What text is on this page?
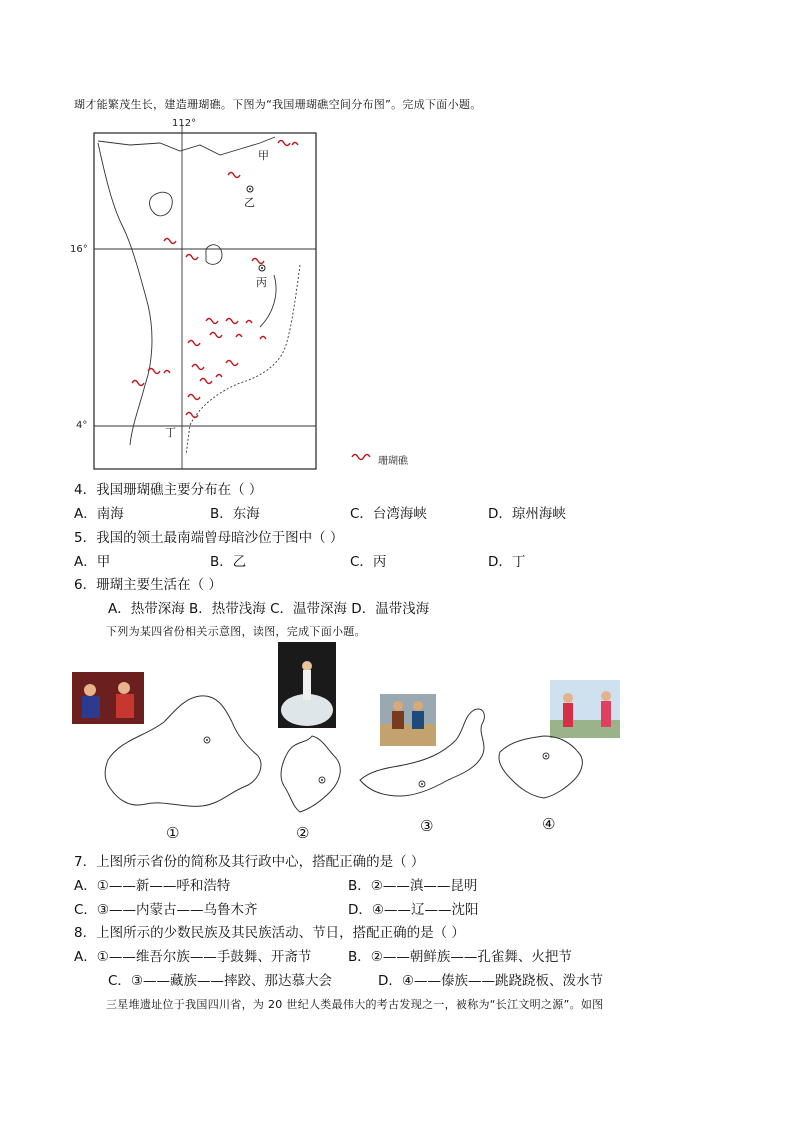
瑚才能繁茂生长，建造珊瑚礁。下图为“我国珊瑚礁空间分布图”。完成下面小题。
112°
16°
4°
甲
乙
丙
丁
珊瑚礁
4．我国珊瑚礁主要分布在（ ）
A．南海	B．东海	C．台湾海峡	D．琼州海峡
5．我国的领土最南端曾母暗沙位于图中（ ）
A．甲	B．乙	C．丙	D．丁
6．珊瑚主要生活在（ ）
A．热带深海 B．热带浅海 C．温带深海 D．温带浅海
下列为某四省份相关示意图，读图，完成下面小题。
①	②	③	④
7．上图所示省份的简称及其行政中心，搭配正确的是（ ）
A．①——新——呼和浩特	B．②——滇——昆明
C．③——内蒙古——乌鲁木齐	D．④——辽——沈阳
8．上图所示的少数民族及其民族活动、节日，搭配正确的是（ ）
A．①——维吾尔族——手鼓舞、开斋节	B．②——朝鲜族——孔雀舞、火把节
C．③——藏族——摔跤、那达慕大会	D．④——傣族——跳跷跷板、泼水节
三星堆遗址位于我国四川省，为 20 世纪人类最伟大的考古发现之一，被称为“长江文明之源”。如图
